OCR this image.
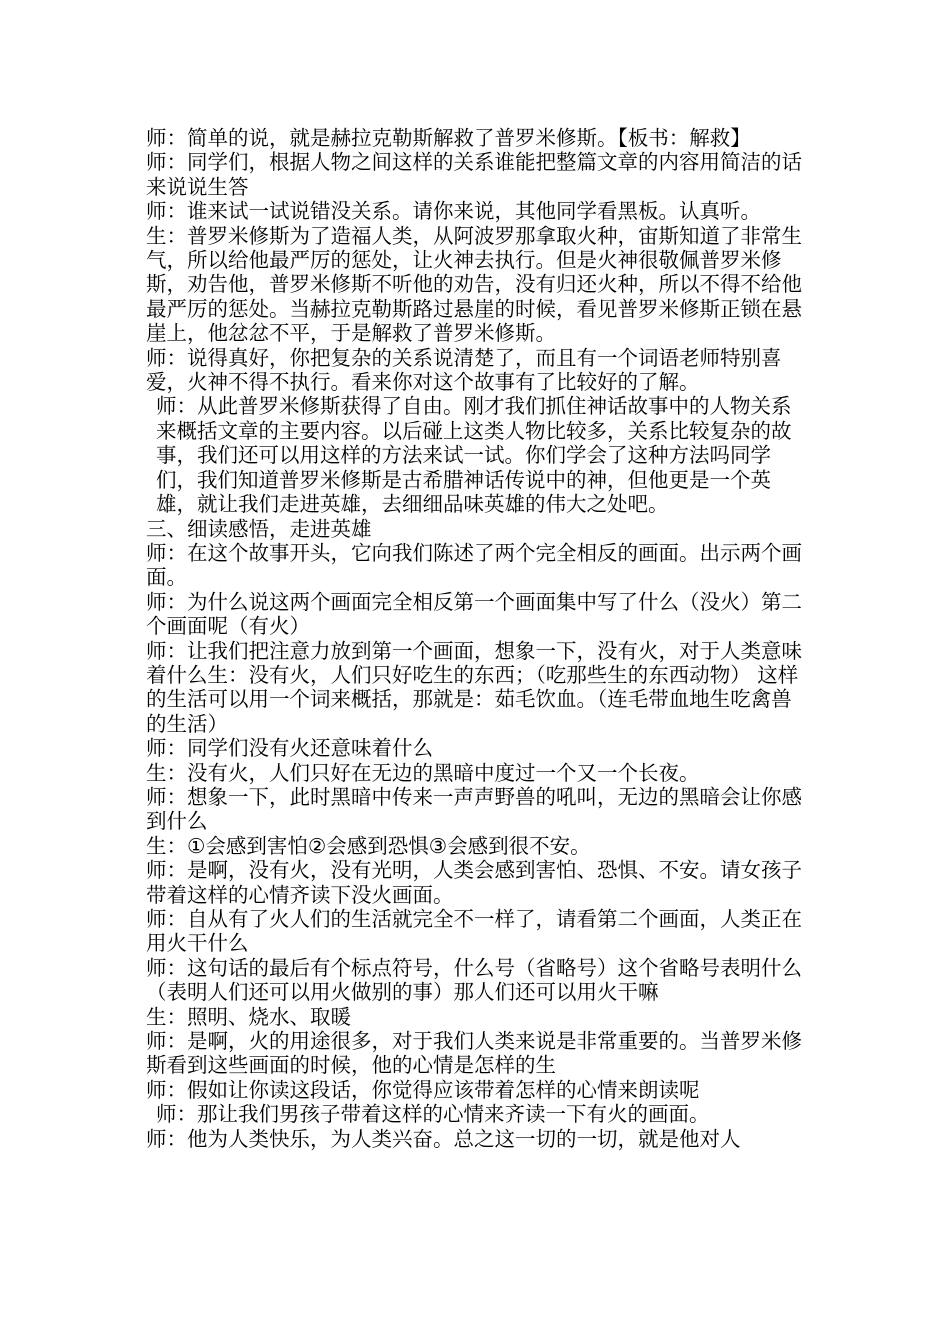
师：简单的说，就是赫拉克勒斯解救了普罗米修斯。【板书：解救】

师：同学们，根据人物之间这样的关系谁能把整篇文章的内容用简洁的话来说说生答

师：谁来试一试说错没关系。请你来说，其他同学看黑板。认真听。

生：普罗米修斯为了造福人类，从阿波罗那拿取火种，宙斯知道了非常生气，所以给他最严厉的惩处，让火神去执行。但是火神很敬佩普罗米修斯，劝告他，普罗米修斯不听他的劝告，没有归还火种，所以不得不给他最严厉的惩处。当赫拉克勒斯路过悬崖的时候，看见普罗米修斯正锁在悬崖上，他忿忿不平，于是解救了普罗米修斯。

师：说得真好，你把复杂的关系说清楚了，而且有一个词语老师特别喜爱，火神不得不执行。看来你对这个故事有了比较好的了解。

师：从此普罗米修斯获得了自由。刚才我们抓住神话故事中的人物关系来概括文章的主要内容。以后碰上这类人物比较多，关系比较复杂的故事，我们还可以用这样的方法来试一试。你们学会了这种方法吗同学们，我们知道普罗米修斯是古希腊神话传说中的神，但他更是一个英雄，就让我们走进英雄，去细细品味英雄的伟大之处吧。

三、细读感悟，走进英雄

师：在这个故事开头，它向我们陈述了两个完全相反的画面。出示两个画面。

师：为什么说这两个画面完全相反第一个画面集中写了什么（没火）第二个画面呢（有火）

师：让我们把注意力放到第一个画面，想象一下，没有火，对于人类意味着什么生：没有火，人们只好吃生的东西；（吃那些生的东西动物） 这样的生活可以用一个词来概括，那就是：茹毛饮血。（连毛带血地生吃禽兽的生活）

师：同学们没有火还意味着什么

生：没有火，人们只好在无边的黑暗中度过一个又一个长夜。

师：想象一下，此时黑暗中传来一声声野兽的吼叫，无边的黑暗会让你感到什么

生：①会感到害怕②会感到恐惧③会感到很不安。

师：是啊，没有火，没有光明，人类会感到害怕、恐惧、不安。请女孩子带着这样的心情齐读下没火画面。

师：自从有了火人们的生活就完全不一样了，请看第二个画面，人类正在用火干什么

师：这句话的最后有个标点符号，什么号（省略号）这个省略号表明什么（表明人们还可以用火做别的事）那人们还可以用火干嘛

生：照明、烧水、取暖

师：是啊，火的用途很多，对于我们人类来说是非常重要的。当普罗米修斯看到这些画面的时候，他的心情是怎样的生

师：假如让你读这段话，你觉得应该带着怎样的心情来朗读呢

师：那让我们男孩子带着这样的心情来齐读一下有火的画面。

师：他为人类快乐，为人类兴奋。总之这一切的一切，就是他对人
